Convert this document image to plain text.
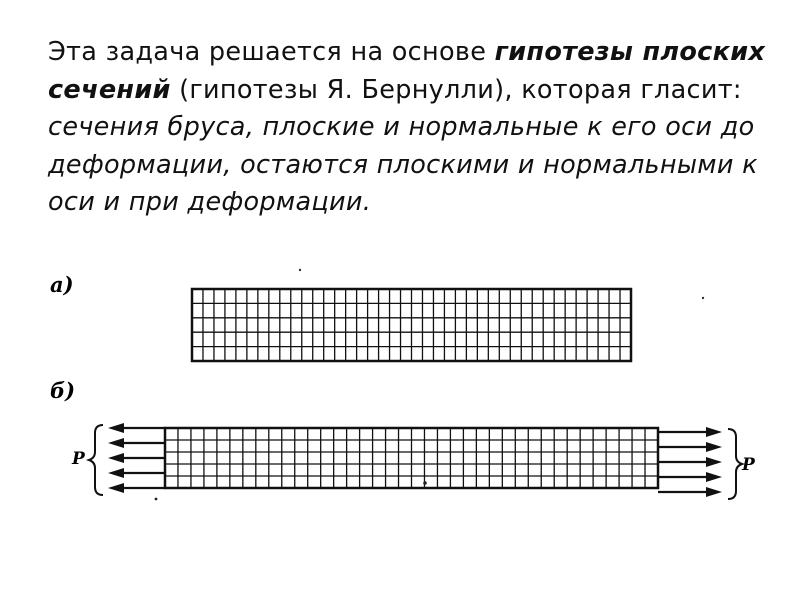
Эта задача решается на основе гипотезы плоских сечений (гипотезы Я. Бернулли), которая гласит: сечения бруса, плоские и нормальные к его оси до деформации, остаются плоскими и нормальными к оси и при деформации.

а)
б)
P	P
